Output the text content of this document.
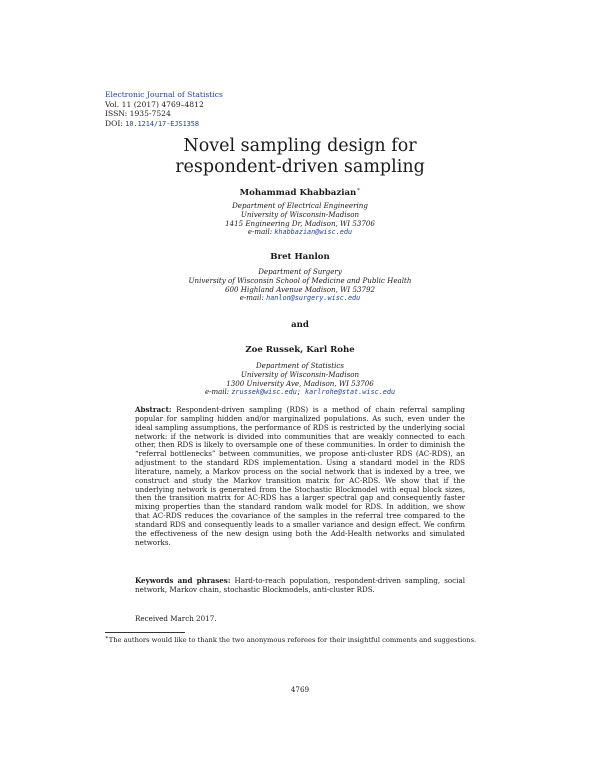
Electronic Journal of Statistics
Vol. 11 (2017) 4769–4812
ISSN: 1935-7524
DOI: 10.1214/17-EJS1358
Novel sampling design for
respondent-driven sampling
Mohammad Khabbazian∗
Department of Electrical Engineering
University of Wisconsin-Madison
1415 Engineering Dr, Madison, WI 53706
e-mail: khabbazian@wisc.edu
Bret Hanlon
Department of Surgery
University of Wisconsin School of Medicine and Public Health
600 Highland Avenue Madison, WI 53792
e-mail: hanlon@surgery.wisc.edu
and
Zoe Russek, Karl Rohe
Department of Statistics
University of Wisconsin-Madison
1300 University Ave, Madison, WI 53706
e-mail: zrussek@wisc.edu; karlrohe@stat.wisc.edu
Abstract: Respondent-driven sampling (RDS) is a method of chain referral sampling popular for sampling hidden and/or marginalized populations. As such, even under the ideal sampling assumptions, the performance of RDS is restricted by the underlying social network: if the network is divided into communities that are weakly connected to each other, then RDS is likely to oversample one of these communities. In order to diminish the “referral bottlenecks” between communities, we propose anti-cluster RDS (AC-RDS), an adjustment to the standard RDS implementation. Using a standard model in the RDS literature, namely, a Markov process on the social network that is indexed by a tree, we construct and study the Markov transition matrix for AC-RDS. We show that if the underlying network is generated from the Stochastic Blockmodel with equal block sizes, then the transition matrix for AC-RDS has a larger spectral gap and consequently faster mixing properties than the standard random walk model for RDS. In addition, we show that AC-RDS reduces the covariance of the samples in the referral tree compared to the standard RDS and consequently leads to a smaller variance and design effect. We confirm the effectiveness of the new design using both the Add-Health networks and simulated networks.
Keywords and phrases: Hard-to-reach population, respondent-driven sampling, social network, Markov chain, stochastic Blockmodels, anti-cluster RDS.
Received March 2017.
∗The authors would like to thank the two anonymous referees for their insightful comments and suggestions.
4769
